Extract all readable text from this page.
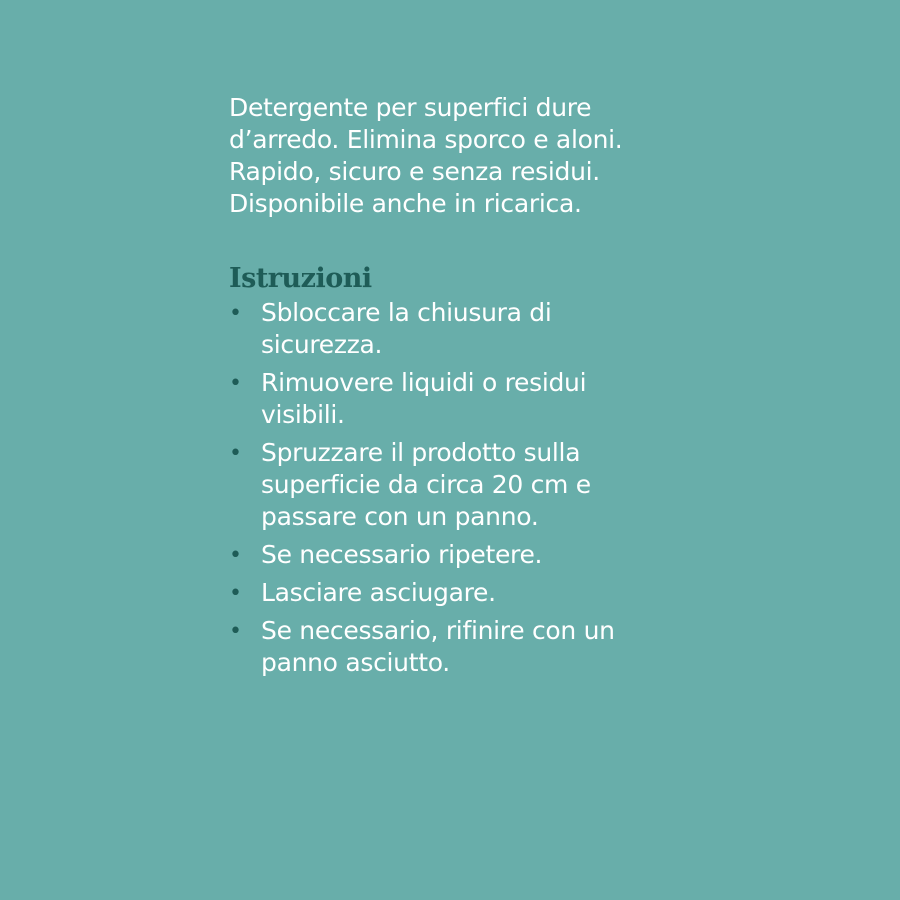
Detergente per superfici dure
d’arredo. Elimina sporco e aloni.
Rapido, sicuro e senza residui.
Disponibile anche in ricarica.

Istruzioni
• Sbloccare la chiusura di
sicurezza.
• Rimuovere liquidi o residui
visibili.
• Spruzzare il prodotto sulla
superficie da circa 20 cm e
passare con un panno.
• Se necessario ripetere.
• Lasciare asciugare.
• Se necessario, rifinire con un
panno asciutto.
